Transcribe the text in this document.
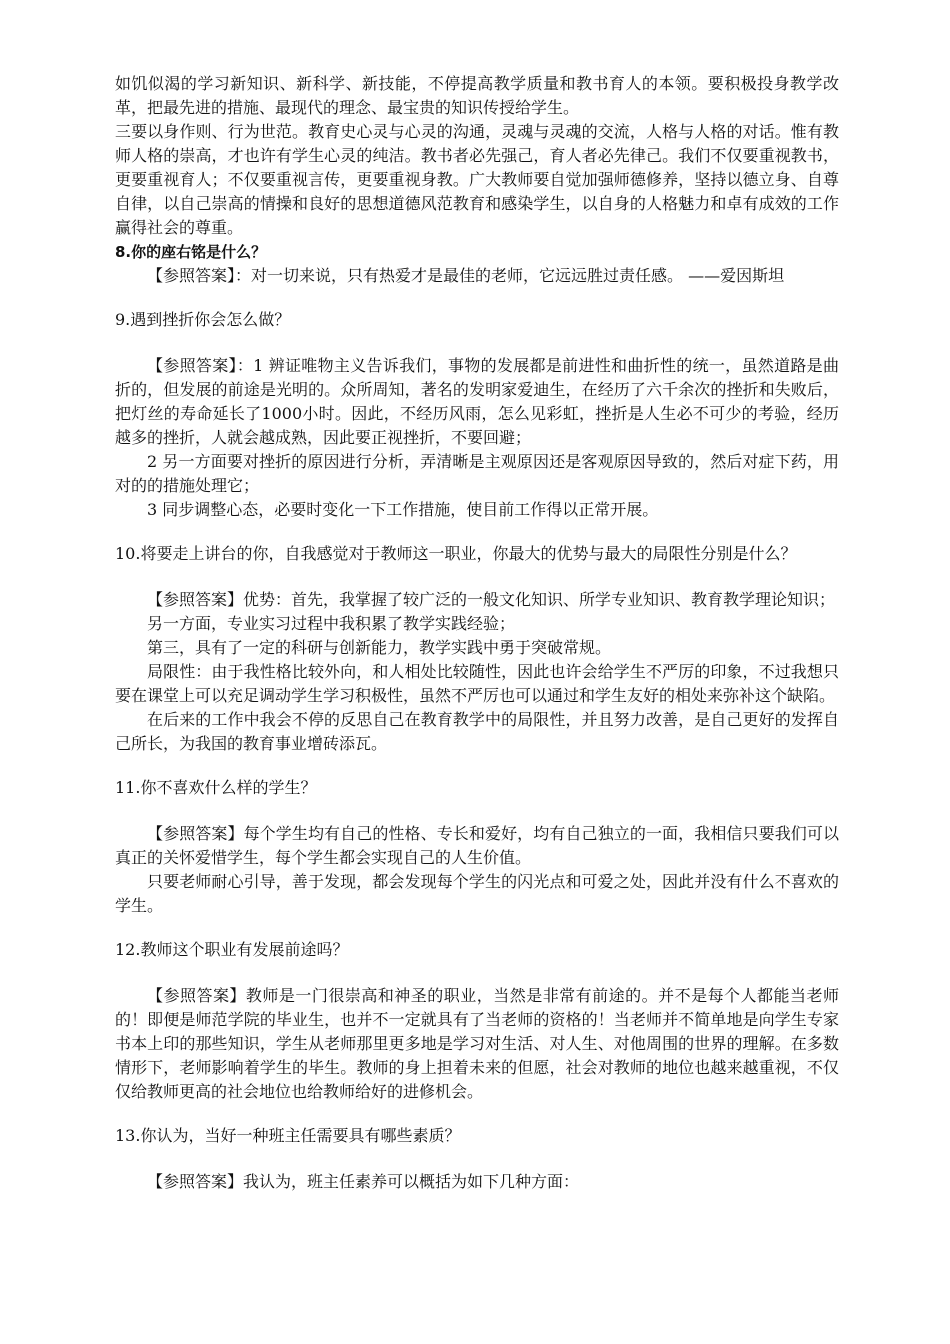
如饥似渴的学习新知识、新科学、新技能，不停提高教学质量和教书育人的本领。要积极投身教学改革，把最先进的措施、最现代的理念、最宝贵的知识传授给学生。

三要以身作则、行为世范。教育史心灵与心灵的沟通，灵魂与灵魂的交流，人格与人格的对话。惟有教师人格的崇高，才也许有学生心灵的纯洁。教书者必先强己，育人者必先律己。我们不仅要重视教书，更要重视育人；不仅要重视言传，更要重视身教。广大教师要自觉加强师德修养，坚持以德立身、自尊自律，以自己崇高的情操和良好的思想道德风范教育和感染学生，以自身的人格魅力和卓有成效的工作赢得社会的尊重。

8.你的座右铭是什么？

【参照答案】：对一切来说，只有热爱才是最佳的老师，它远远胜过责任感。 ——爱因斯坦

9.遇到挫折你会怎么做？

【参照答案】：1 辨证唯物主义告诉我们，事物的发展都是前进性和曲折性的统一，虽然道路是曲折的，但发展的前途是光明的。众所周知，著名的发明家爱迪生，在经历了六千余次的挫折和失败后，把灯丝的寿命延长了1000小时。因此，不经历风雨，怎么见彩虹，挫折是人生必不可少的考验，经历越多的挫折，人就会越成熟，因此要正视挫折，不要回避；

2 另一方面要对挫折的原因进行分析，弄清晰是主观原因还是客观原因导致的，然后对症下药，用对的的措施处理它；

3 同步调整心态，必要时变化一下工作措施，使目前工作得以正常开展。

10.将要走上讲台的你，自我感觉对于教师这一职业，你最大的优势与最大的局限性分别是什么？

【参照答案】优势：首先，我掌握了较广泛的一般文化知识、所学专业知识、教育教学理论知识；

另一方面，专业实习过程中我积累了教学实践经验；

第三，具有了一定的科研与创新能力，教学实践中勇于突破常规。

局限性：由于我性格比较外向，和人相处比较随性，因此也许会给学生不严厉的印象，不过我想只要在课堂上可以充足调动学生学习积极性，虽然不严厉也可以通过和学生友好的相处来弥补这个缺陷。

在后来的工作中我会不停的反思自己在教育教学中的局限性，并且努力改善，是自己更好的发挥自己所长，为我国的教育事业增砖添瓦。

11.你不喜欢什么样的学生？

【参照答案】每个学生均有自己的性格、专长和爱好，均有自己独立的一面，我相信只要我们可以真正的关怀爱惜学生，每个学生都会实现自己的人生价值。

只要老师耐心引导，善于发现，都会发现每个学生的闪光点和可爱之处，因此并没有什么不喜欢的学生。

12.教师这个职业有发展前途吗？

【参照答案】教师是一门很崇高和神圣的职业，当然是非常有前途的。并不是每个人都能当老师的！即便是师范学院的毕业生，也并不一定就具有了当老师的资格的！当老师并不简单地是向学生专家书本上印的那些知识，学生从老师那里更多地是学习对生活、对人生、对他周围的世界的理解。在多数情形下，老师影响着学生的毕生。教师的身上担着未来的但愿，社会对教师的地位也越来越重视，不仅仅给教师更高的社会地位也给教师给好的进修机会。

13.你认为，当好一种班主任需要具有哪些素质？

【参照答案】我认为，班主任素养可以概括为如下几种方面：
